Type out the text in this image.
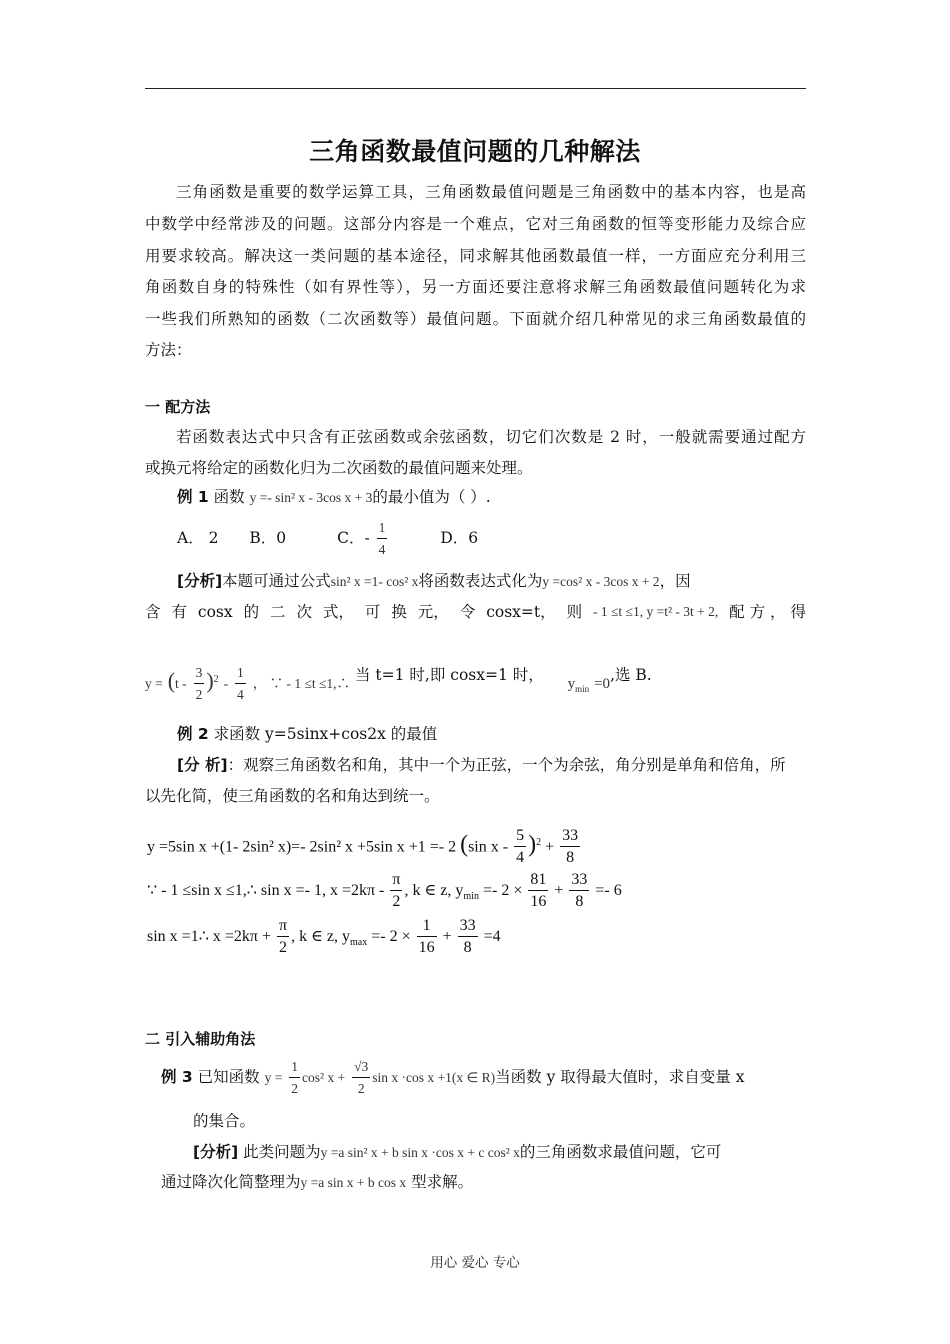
三角函数最值问题的几种解法
三角函数是重要的数学运算工具，三角函数最值问题是三角函数中的基本内容，也是高
中数学中经常涉及的问题。这部分内容是一个难点，它对三角函数的恒等变形能力及综合应
用要求较高。解决这一类问题的基本途径，同求解其他函数最值一样，一方面应充分利用三
角函数自身的特殊性（如有界性等），另一方面还要注意将求解三角函数最值问题转化为求
一些我们所熟知的函数（二次函数等）最值问题。下面就介绍几种常见的求三角函数最值的
方法：
一 配方法
若函数表达式中只含有正弦函数或余弦函数，切它们次数是 2 时，一般就需要通过配方
或换元将给定的函数化归为二次函数的最值问题来处理。
例 1 函数 y =- sin² x - 3cos x + 3的最小值为（ ）.
A． 2 B．0	C．- $\frac{1}{4}$	D．6
[分析]本题可通过公式sin² x =1- cos² x将函数表达式化为y =cos² x - 3cos x + 2，因
含 有 cosx 的 二 次 式， 可 换 元， 令 cosx=t， 则 - 1 ≤t ≤1, y =t² - 3t + 2, 配 方 ， 得
$y = (t - \frac{3}{2} )^2 - \frac{1}{4}$ ， ∵ - 1 ≤t ≤1,∴ 当 t=1 时,即 cosx=1 时， $y_{min} =0$,选 B.
例 2 求函数 y=5sinx+cos2x 的最值
[分 析]：观察三角函数名和角，其中一个为正弦，一个为余弦，角分别是单角和倍角，所
以先化简，使三角函数的名和角达到统一。
y =5sin x +(1- 2sin² x)=- 2sin² x +5sin x +1 =- 2 (sin $x - \frac{5}{4} )^2 + \frac{33}{8}$
∵ - 1 ≤sin x ≤1,∴ sin x =- 1, $x =2k\pi - \frac{\pi}{2}$ , k ∈ z, $y_{min} =- 2 \times \frac{81}{16} + \frac{33}{8} =- 6$
sin x =1∴ $x =2k\pi + \frac{\pi}{2}$ , k ∈ z, $y_{max} =- 2 \times \frac{1}{16} + \frac{33}{8} =4$
二 引入辅助角法
例 3 已知函数 $y = \frac{1}{2} \cos^2$ $x + \frac{√3}{2}$ sin x ·cos x +1(x ∈ R)当函数 y 取得最大值时，求自变量 x
的集合。
[分析] 此类问题为y =a sin² x + b sin x ·cos x + c cos² x的三角函数求最值问题，它可
通过降次化简整理为y =a sin x + b cos x 型求解。
用心 爱心 专心
